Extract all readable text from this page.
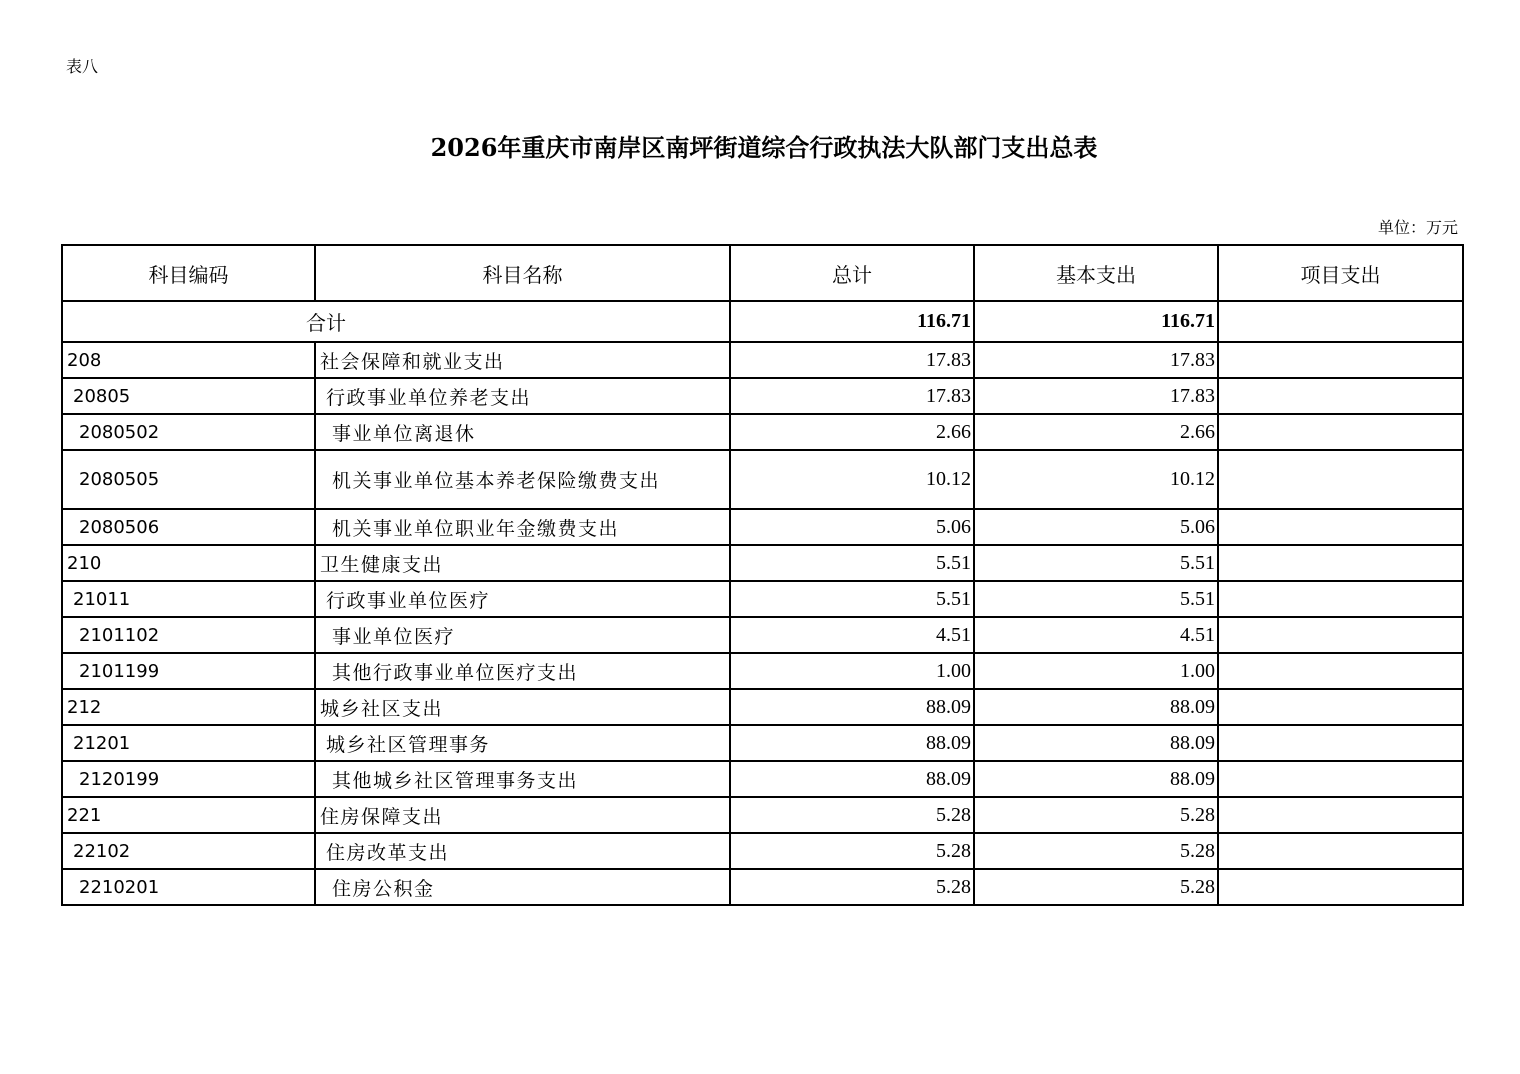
表八
2026年重庆市南岸区南坪街道综合行政执法大队部门支出总表
单位：万元
科目编码	科目名称	总计	基本支出	项目支出
合计		116.71	116.71	
208	社会保障和就业支出	17.83	17.83	
20805	行政事业单位养老支出	17.83	17.83	
2080502	事业单位离退休	2.66	2.66	
2080505	机关事业单位基本养老保险缴费支出	10.12	10.12	
2080506	机关事业单位职业年金缴费支出	5.06	5.06	
210	卫生健康支出	5.51	5.51	
21011	行政事业单位医疗	5.51	5.51	
2101102	事业单位医疗	4.51	4.51	
2101199	其他行政事业单位医疗支出	1.00	1.00	
212	城乡社区支出	88.09	88.09	
21201	城乡社区管理事务	88.09	88.09	
2120199	其他城乡社区管理事务支出	88.09	88.09	
221	住房保障支出	5.28	5.28	
22102	住房改革支出	5.28	5.28	
2210201	住房公积金	5.28	5.28	
